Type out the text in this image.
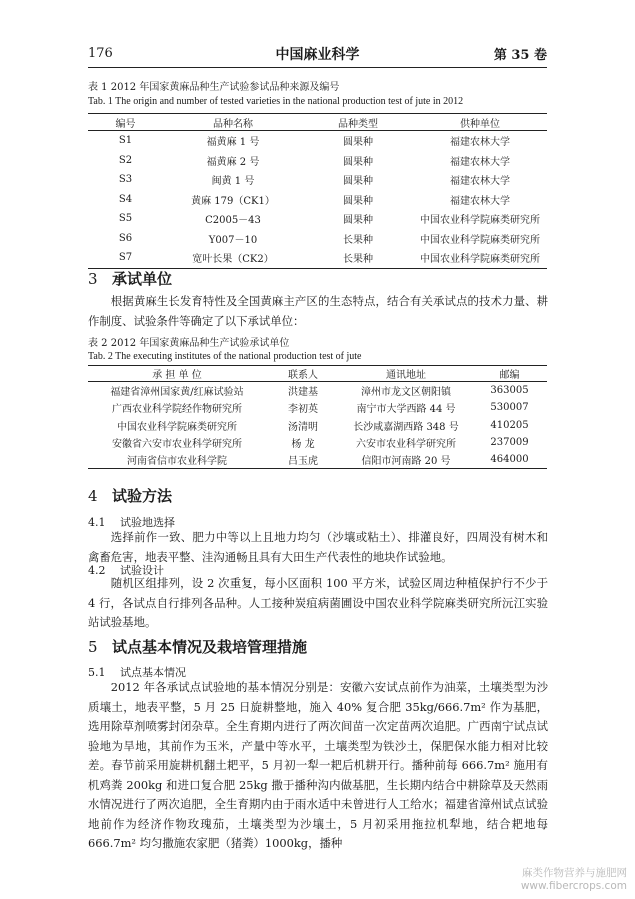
176	中国麻业科学	第 35 卷
表 1 2012 年国家黄麻品种生产试验参试品种来源及编号
Tab. 1 The origin and number of tested varieties in the national production test of jute in 2012
编号	品种名称	品种类型	供种单位
S1	福黄麻 1 号	圆果种	福建农林大学
S2	福黄麻 2 号	圆果种	福建农林大学
S3	闽黄 1 号	圆果种	福建农林大学
S4	黄麻 179（CK1）	圆果种	福建农林大学
S5	C2005－43	圆果种	中国农业科学院麻类研究所
S6	Y007－10	长果种	中国农业科学院麻类研究所
S7	宽叶长果（CK2）	长果种	中国农业科学院麻类研究所
3 承试单位

根据黄麻生长发育特性及全国黄麻主产区的生态特点，结合有关承试点的技术力量、耕作制度、试验条件等确定了以下承试单位：

表 2 2012 年国家黄麻品种生产试验承试单位
Tab. 2 The executing institutes of the national production test of jute
承 担 单 位	联系人	通讯地址	邮编
福建省漳州国家黄/红麻试验站	洪建基	漳州市龙文区朝阳镇	363005
广西农业科学院经作物研究所	李初英	南宁市大学西路 44 号	530007
中国农业科学院麻类研究所	汤清明	长沙咸嘉湖西路 348 号	410205
安徽省六安市农业科学研究所	杨 龙	六安市农业科学研究所	237009
河南省信市农业科学院	吕玉虎	信阳市河南路 20 号	464000
4 试验方法
4.1 试验地选择

选择前作一致、肥力中等以上且地力均匀（沙壤或粘土）、排灌良好，四周没有树木和禽畜危害，地表平整、洼沟通畅且具有大田生产代表性的地块作试验地。

4.2 试验设计

随机区组排列，设 2 次重复，每小区面积 100 平方米，试验区周边种植保护行不少于 4 行，各试点自行排列各品种。人工接种炭疽病菌圃设中国农业科学院麻类研究所沅江实验站试验基地。

5 试点基本情况及栽培管理措施
5.1 试点基本情况

2012 年各承试点试验地的基本情况分别是：安徽六安试点前作为油菜，土壤类型为沙质壤土，地表平整，5 月 25 日旋耕整地，施入 40% 复合肥 35kg/666.7m² 作为基肥，选用除草剂喷雾封闭杂草。全生育期内进行了两次间苗一次定苗两次追肥。广西南宁试点试验地为旱地，其前作为玉米，产量中等水平，土壤类型为铁沙土，保肥保水能力相对比较差。春节前采用旋耕机翻土耙平，5 月初一犁一耙后机耕开行。播种前每 666.7m² 施用有机鸡粪 200kg 和进口复合肥 25kg 撒于播种沟内做基肥，生长期内结合中耕除草及天然雨水情况进行了两次追肥，全生育期内由于雨水适中未曾进行人工给水；福建省漳州试点试验地前作为经济作物玫瑰茄，土壤类型为沙壤土，5 月初采用拖拉机犁地，结合耙地每 666.7m² 均匀撒施农家肥（猪粪）1000kg，播种

麻类作物营养与施肥网
www.fibercrops.com
